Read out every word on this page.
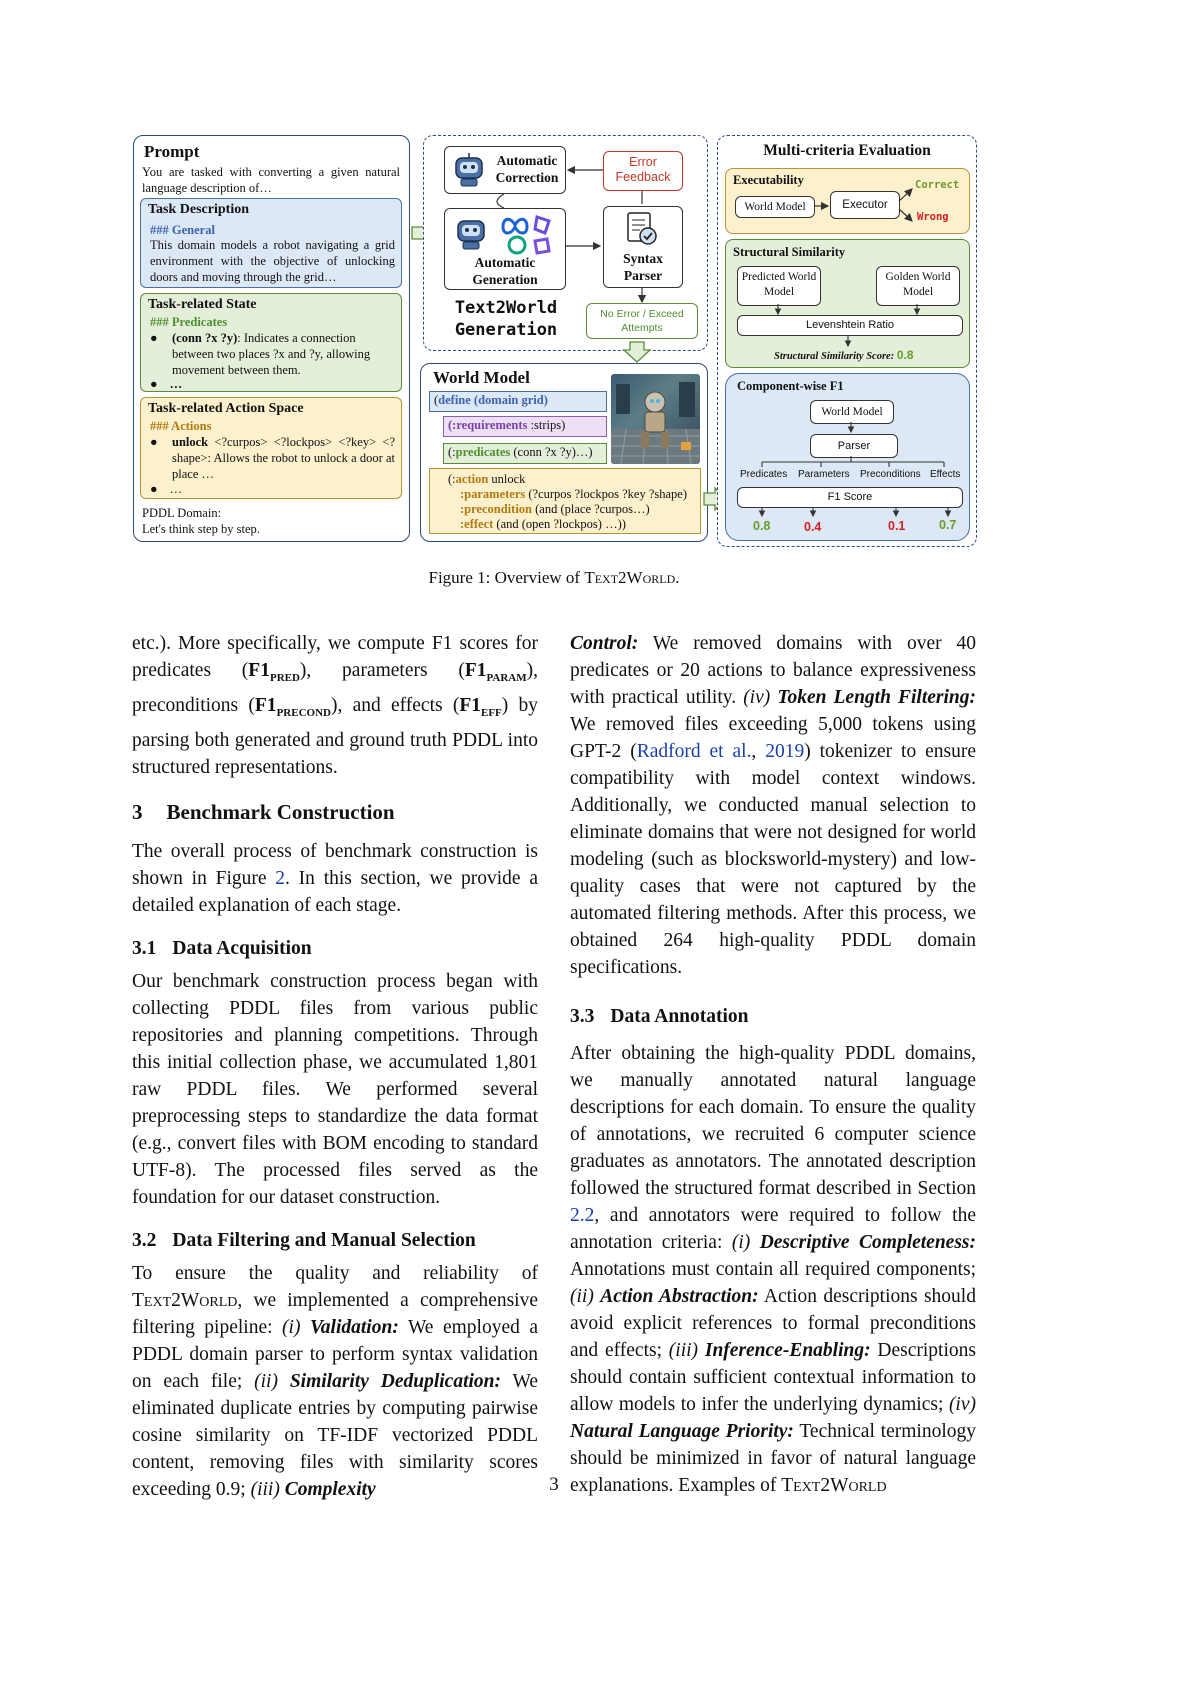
Prompt
You are tasked with converting a given natural language description of…
Task Description
### General
This domain models a robot navigating a grid environment with the objective of unlocking doors and moving through the grid…
Task-related State
### Predicates
● (conn ?x ?y): Indicates a connection between two places ?x and ?y, allowing movement between them.
● …
Task-related Action Space
### Actions
● unlock <?curpos> <?lockpos> <?key> <?shape>: Allows the robot to unlock a door at place …
● …
PDDL Domain:
Let's think step by step.
Automatic Correction
Error Feedback
Automatic Generation
Syntax Parser
Text2World
Generation
No Error / Exceed Attempts
World Model
(define (domain grid)
(:requirements :strips)
(:predicates (conn ?x ?y)…)
(:action unlock
:parameters (?curpos ?lockpos ?key ?shape)
:precondition (and (place ?curpos…)
:effect (and (open ?lockpos) …))
Multi-criteria Evaluation
Executability
World Model	Executor
Correct
Wrong
Structural Similarity
Predicted World Model
Golden World Model
Levenshtein Ratio
Structural Similarity Score: 0.8
Component-wise F1
World Model
Parser
Predicates Parameters Preconditions Effects
F1 Score
0.8	0.4	0.1	0.7
Figure 1: Overview of Text2World.

etc.). More specifically, we compute F1 scores for predicates $(F1_{PRED})$, parameters $(F1_{PARAM})$, preconditions $(F1_{PRECOND})$, and effects $(F1_{EFF})$ by parsing both generated and ground truth PDDL into structured representations.

3 Benchmark Construction

The overall process of benchmark construction is shown in Figure 2. In this section, we provide a detailed explanation of each stage.

3.1 Data Acquisition

Our benchmark construction process began with collecting PDDL files from various public repositories and planning competitions. Through this initial collection phase, we accumulated 1,801 raw PDDL files. We performed several preprocessing steps to standardize the data format (e.g., convert files with BOM encoding to standard UTF-8). The processed files served as the foundation for our dataset construction.

3.2 Data Filtering and Manual Selection

To ensure the quality and reliability of Text2World, we implemented a comprehensive filtering pipeline: (i) Validation: We employed a PDDL domain parser to perform syntax validation on each file; (ii) Similarity Deduplication: We eliminated duplicate entries by computing pairwise cosine similarity on TF-IDF vectorized PDDL content, removing files with similarity scores exceeding 0.9; (iii) Complexity

Control: We removed domains with over 40 predicates or 20 actions to balance expressiveness with practical utility. (iv) Token Length Filtering: We removed files exceeding 5,000 tokens using GPT-2 (Radford et al., 2019) tokenizer to ensure compatibility with model context windows. Additionally, we conducted manual selection to eliminate domains that were not designed for world modeling (such as blocksworld-mystery) and low-quality cases that were not captured by the automated filtering methods. After this process, we obtained 264 high-quality PDDL domain specifications.

3.3 Data Annotation

After obtaining the high-quality PDDL domains, we manually annotated natural language descriptions for each domain. To ensure the quality of annotations, we recruited 6 computer science graduates as annotators. The annotated description followed the structured format described in Section 2.2, and annotators were required to follow the annotation criteria: (i) Descriptive Completeness: Annotations must contain all required components; (ii) Action Abstraction: Action descriptions should avoid explicit references to formal preconditions and effects; (iii) Inference-Enabling: Descriptions should contain sufficient contextual information to allow models to infer the underlying dynamics; (iv) Natural Language Priority: Technical terminology should be minimized in favor of natural language explanations. Examples of Text2World

3
